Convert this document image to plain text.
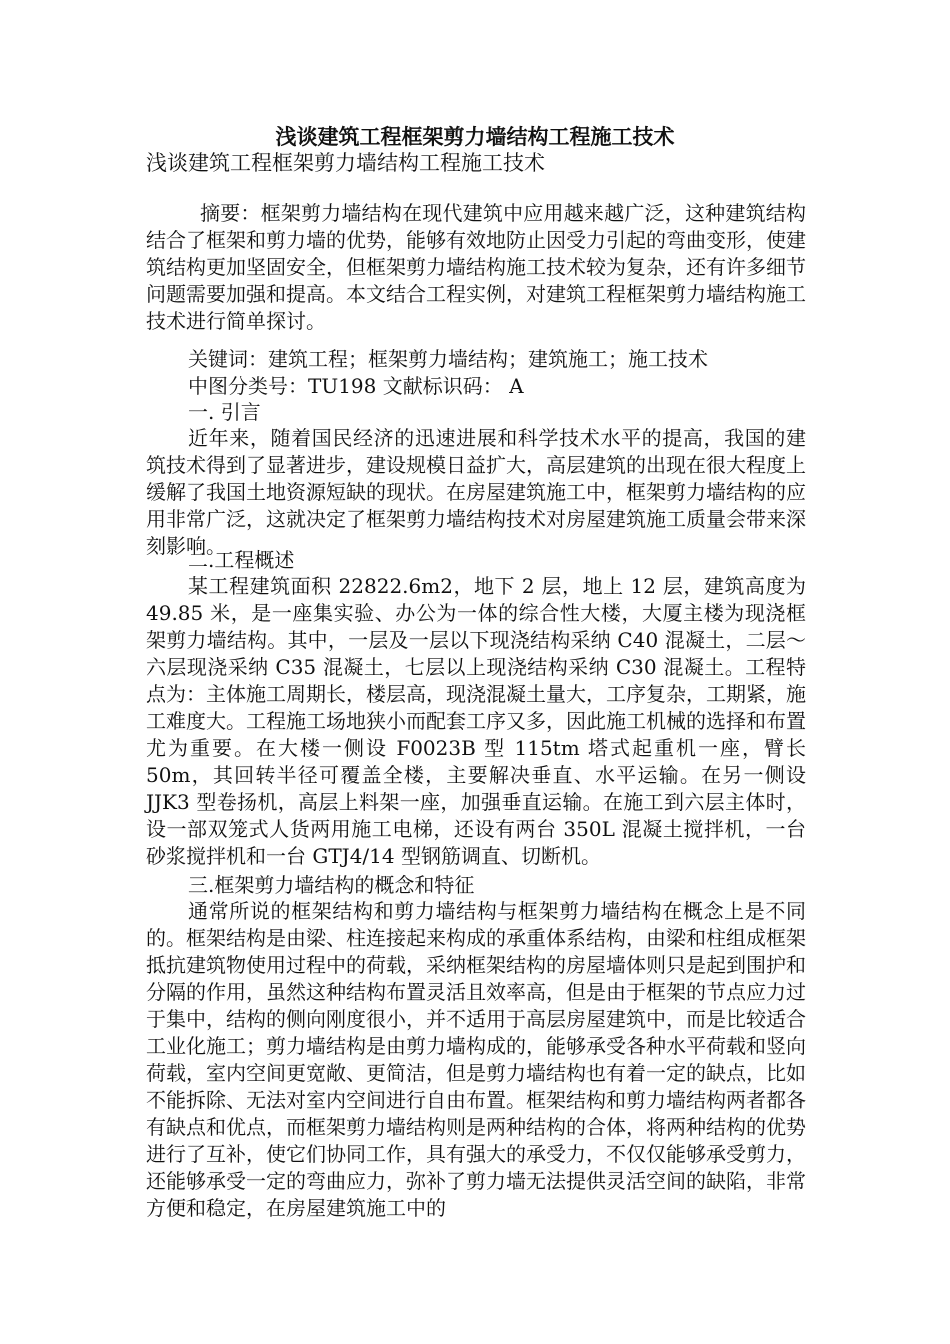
浅谈建筑工程框架剪力墙结构工程施工技术

浅谈建筑工程框架剪力墙结构工程施工技术

摘要：框架剪力墙结构在现代建筑中应用越来越广泛，这种建筑结构结合了框架和剪力墙的优势，能够有效地防止因受力引起的弯曲变形，使建筑结构更加坚固安全，但框架剪力墙结构施工技术较为复杂，还有许多细节问题需要加强和提高。本文结合工程实例，对建筑工程框架剪力墙结构施工技术进行简单探讨。

关键词：建筑工程；框架剪力墙结构；建筑施工；施工技术

中图分类号：TU198 文献标识码： A

一. 引言

近年来，随着国民经济的迅速进展和科学技术水平的提高，我国的建筑技术得到了显著进步，建设规模日益扩大，高层建筑的出现在很大程度上缓解了我国土地资源短缺的现状。在房屋建筑施工中，框架剪力墙结构的应用非常广泛，这就决定了框架剪力墙结构技术对房屋建筑施工质量会带来深刻影响。

二.工程概述

某工程建筑面积 22822.6m2，地下 2 层，地上 12 层，建筑高度为 49.85 米，是一座集实验、办公为一体的综合性大楼，大厦主楼为现浇框架剪力墙结构。其中，一层及一层以下现浇结构采纳 C40 混凝土，二层～六层现浇采纳 C35 混凝土，七层以上现浇结构采纳 C30 混凝土。工程特点为：主体施工周期长，楼层高，现浇混凝土量大，工序复杂，工期紧，施工难度大。工程施工场地狭小而配套工序又多，因此施工机械的选择和布置尤为重要。在大楼一侧设 F0023B 型 115tm 塔式起重机一座，臂长 50m，其回转半径可覆盖全楼，主要解决垂直、水平运输。在另一侧设 JJK3 型卷扬机，高层上料架一座，加强垂直运输。在施工到六层主体时，设一部双笼式人货两用施工电梯，还设有两台 350L 混凝土搅拌机，一台砂浆搅拌机和一台 GTJ4/14 型钢筋调直、切断机。

三.框架剪力墙结构的概念和特征

通常所说的框架结构和剪力墙结构与框架剪力墙结构在概念上是不同的。框架结构是由梁、柱连接起来构成的承重体系结构，由梁和柱组成框架抵抗建筑物使用过程中的荷载，采纳框架结构的房屋墙体则只是起到围护和分隔的作用，虽然这种结构布置灵活且效率高，但是由于框架的节点应力过于集中，结构的侧向刚度很小，并不适用于高层房屋建筑中，而是比较适合工业化施工；剪力墙结构是由剪力墙构成的，能够承受各种水平荷载和竖向荷载，室内空间更宽敞、更简洁，但是剪力墙结构也有着一定的缺点，比如不能拆除、无法对室内空间进行自由布置。框架结构和剪力墙结构两者都各有缺点和优点，而框架剪力墙结构则是两种结构的合体，将两种结构的优势进行了互补，使它们协同工作，具有强大的承受力，不仅仅能够承受剪力，还能够承受一定的弯曲应力，弥补了剪力墙无法提供灵活空间的缺陷，非常方便和稳定，在房屋建筑施工中的
